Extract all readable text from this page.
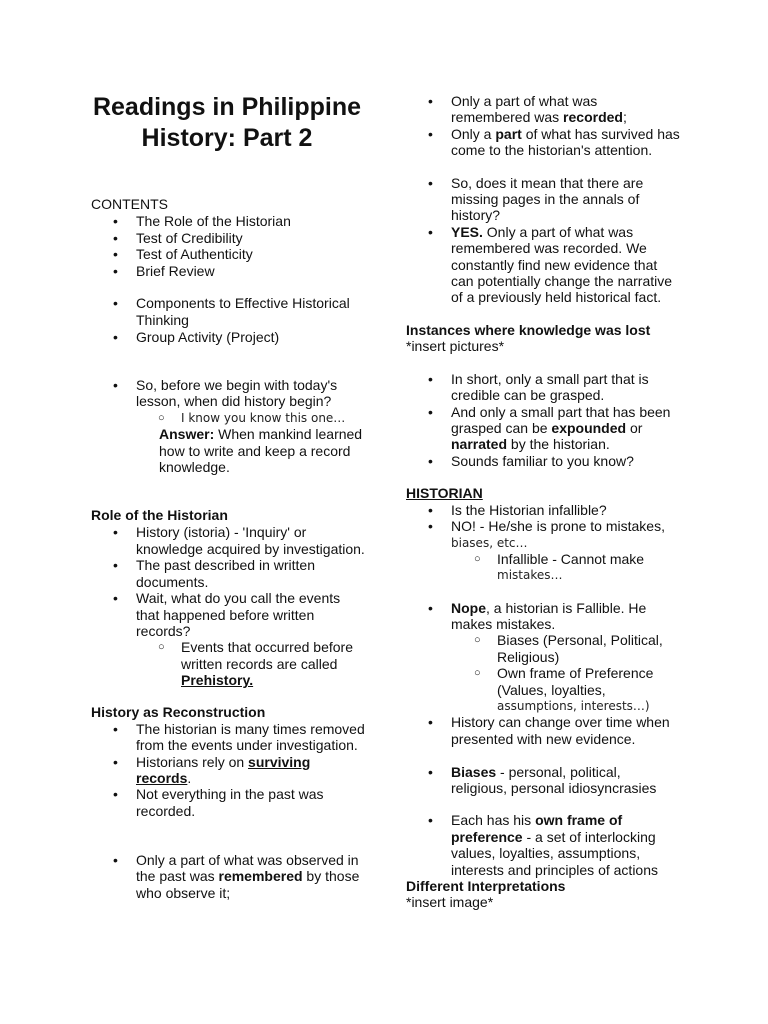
Readings in Philippine
History: Part 2
CONTENTS
• The Role of the Historian
• Test of Credibility
• Test of Authenticity
• Brief Review
• Components to Effective Historical
Thinking
• Group Activity (Project)
• So, before we begin with today's
lesson, when did history begin?
○ I know you know this one…
Answer: When mankind learned
how to write and keep a record
knowledge.
Role of the Historian
• History (istoria) - 'Inquiry' or
knowledge acquired by investigation.
• The past described in written
documents.
• Wait, what do you call the events
that happened before written
records?
○ Events that occurred before
written records are called
Prehistory.
History as Reconstruction
• The historian is many times removed
from the events under investigation.
• Historians rely on surviving
records.
• Not everything in the past was
recorded.
• Only a part of what was observed in
the past was remembered by those
who observe it;
• Only a part of what was
remembered was recorded;
• Only a part of what has survived has
come to the historian's attention.
• So, does it mean that there are
missing pages in the annals of
history?
• YES. Only a part of what was
remembered was recorded. We
constantly find new evidence that
can potentially change the narrative
of a previously held historical fact.
Instances where knowledge was lost
*insert pictures*
• In short, only a small part that is
credible can be grasped.
• And only a small part that has been
grasped can be expounded or
narrated by the historian.
• Sounds familiar to you know?
HISTORIAN
• Is the Historian infallible?
• NO! - He/she is prone to mistakes,
biases, etc…
○ Infallible - Cannot make
mistakes…
• Nope, a historian is Fallible. He
makes mistakes.
○ Biases (Personal, Political,
Religious)
○ Own frame of Preference
(Values, loyalties,
assumptions, interests…)
• History can change over time when
presented with new evidence.
• Biases - personal, political,
religious, personal idiosyncrasies
• Each has his own frame of
preference - a set of interlocking
values, loyalties, assumptions,
interests and principles of actions
Different Interpretations
*insert image*
